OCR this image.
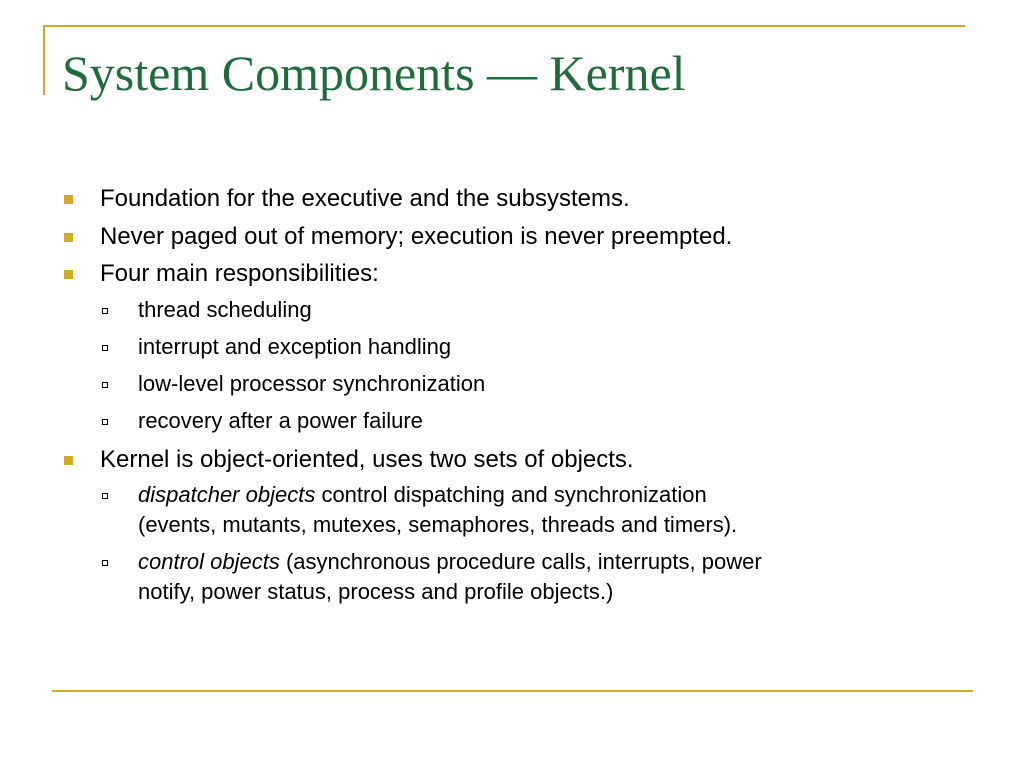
System Components — Kernel
Foundation for the executive and the subsystems.
Never paged out of memory; execution is never preempted.
Four main responsibilities:
thread scheduling
interrupt and exception handling
low-level processor synchronization
recovery after a power failure
Kernel is object-oriented, uses two sets of objects.
dispatcher objects control dispatching and synchronization
(events, mutants, mutexes, semaphores, threads and timers).
control objects (asynchronous procedure calls, interrupts, power
notify, power status, process and profile objects.)
